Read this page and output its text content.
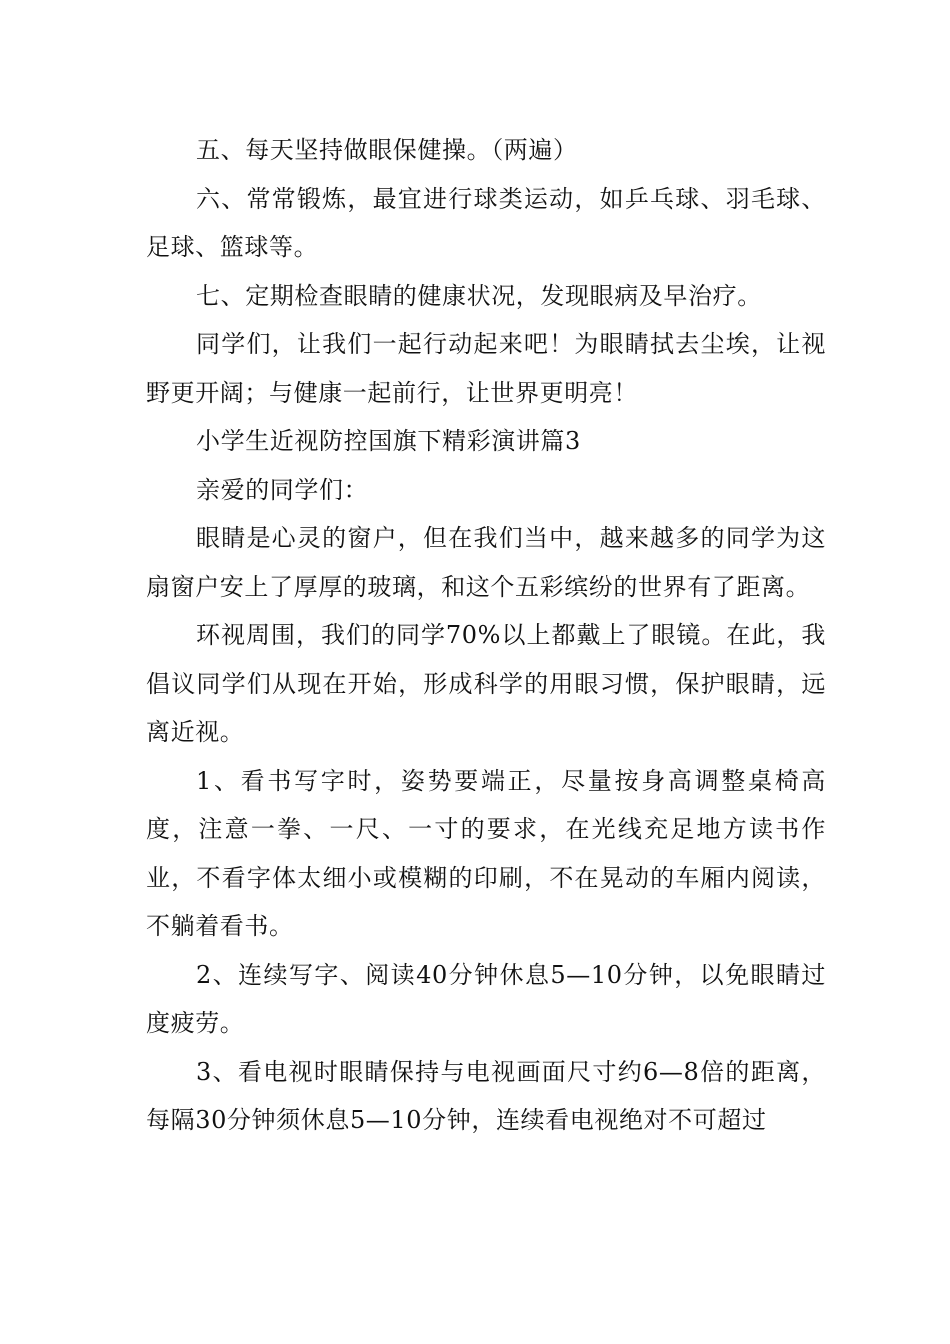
五、每天坚持做眼保健操。（两遍）

六、常常锻炼，最宜进行球类运动，如乒乓球、羽毛球、足球、篮球等。

七、定期检查眼睛的健康状况，发现眼病及早治疗。

同学们，让我们一起行动起来吧！为眼睛拭去尘埃，让视野更开阔；与健康一起前行，让世界更明亮！

小学生近视防控国旗下精彩演讲篇3

亲爱的同学们：

眼睛是心灵的窗户，但在我们当中，越来越多的同学为这扇窗户安上了厚厚的玻璃，和这个五彩缤纷的世界有了距离。

环视周围，我们的同学70%以上都戴上了眼镜。在此，我倡议同学们从现在开始，形成科学的用眼习惯，保护眼睛，远离近视。

1、看书写字时，姿势要端正，尽量按身高调整桌椅高度，注意一拳、一尺、一寸的要求，在光线充足地方读书作业，不看字体太细小或模糊的印刷，不在晃动的车厢内阅读，不躺着看书。

2、连续写字、阅读40分钟休息5—10分钟，以免眼睛过度疲劳。

3、看电视时眼睛保持与电视画面尺寸约6—8倍的距离，每隔30分钟须休息5—10分钟，连续看电视绝对不可超过
